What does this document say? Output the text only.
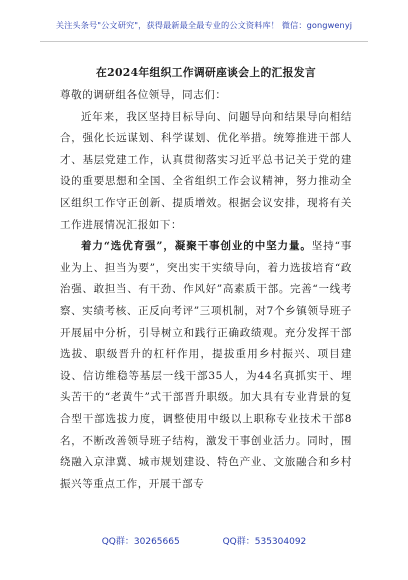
关注头条号"公文研究"，获得最新最全最专业的公文资料库！ 微信：gongwenyj
在2024年组织工作调研座谈会上的汇报发言

尊敬的调研组各位领导，同志们：

近年来，我区坚持目标导向、问题导向和结果导向相结合，强化长远谋划、科学谋划、优化举措。统筹推进干部人才、基层党建工作，认真贯彻落实习近平总书记关于党的建设的重要思想和全国、全省组织工作会议精神，努力推动全区组织工作守正创新、提质增效。根据会议安排，现将有关工作进展情况汇报如下：

着力“选优育强”，凝聚干事创业的中坚力量。坚持“事业为上、担当为要”，突出实干实绩导向，着力选拔培育“政治强、敢担当、有干劲、作风好”高素质干部。完善“一线考察、实绩考核、正反向考评”三项机制，对7个乡镇领导班子开展届中分析，引导树立和践行正确政绩观。充分发挥干部选拔、职级晋升的杠杆作用，提拔重用乡村振兴、项目建设、信访维稳等基层一线干部35人，为44名真抓实干、埋头苦干的“老黄牛”式干部晋升职级。加大具有专业背景的复合型干部选拔力度，调整使用中级以上职称专业技术干部8名，不断改善领导班子结构，激发干事创业活力。同时，围绕融入京津冀、城市规划建设、特色产业、文旅融合和乡村振兴等重点工作，开展干部专

QQ群：30265665	QQ群：535304092
